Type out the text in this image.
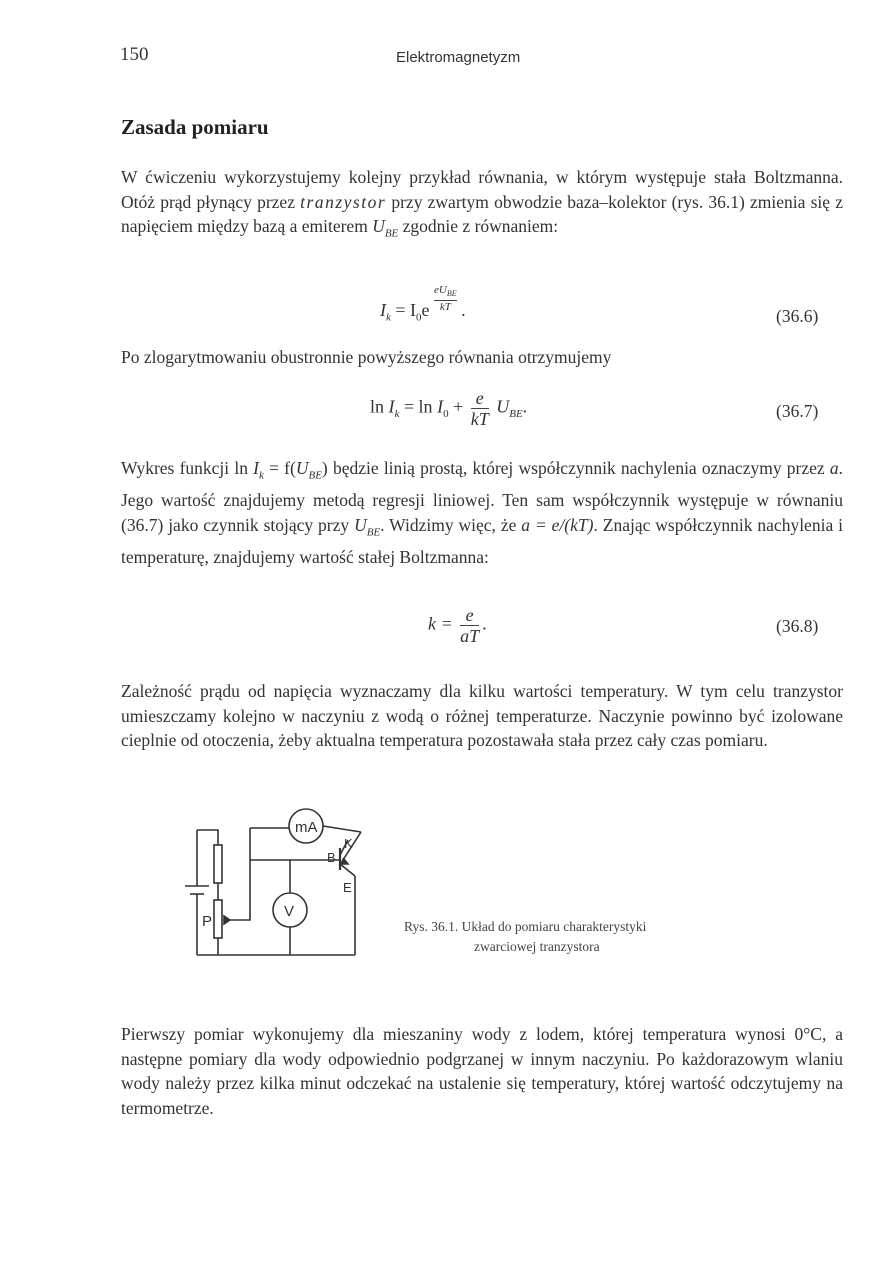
150	Elektromagnetyzm
Zasada pomiaru
W ćwiczeniu wykorzystujemy kolejny przykład równania, w którym występuje stała Boltzmanna. Otóż prąd płynący przez tranzystor przy zwartym obwodzie baza–kolektor (rys. 36.1) zmienia się z napięciem między bazą a emiterem $U_{BE}$ zgodnie z równaniem:
$I_k = I_0e$
$eU_{BE}$
kT .	(36.6)
Po zlogarytmowaniu obustronnie powyższego równania otrzymujemy
$\ln I_k = \ln I_0 + \frac{e}{kT} U_{BE}$.	(36.7)
Wykres funkcji $\ln I_k = f(U_{BE})$ będzie linią prostą, której współczynnik nachylenia oznaczymy przez a. Jego wartość znajdujemy metodą regresji liniowej. Ten sam współczynnik występuje w równaniu (36.7) jako czynnik stojący przy $U_{BE}$. Widzimy więc, że a = e/(kT). Znając współczynnik nachylenia i temperaturę, znajdujemy wartość stałej Boltzmanna:
$k = \frac{e}{aT}$ .	(36.8)
Zależność prądu od napięcia wyznaczamy dla kilku wartości temperatury. W tym celu tranzystor umieszczamy kolejno w naczyniu z wodą o różnej temperaturze. Naczynie powinno być izolowane cieplnie od otoczenia, żeby aktualna temperatura pozostawała stała przez cały czas pomiaru.
mA
V
P
K
B
E
Rys. 36.1. Układ do pomiaru charakterystyki
zwarciowej tranzystora
Pierwszy pomiar wykonujemy dla mieszaniny wody z lodem, której temperatura wynosi 0°C, a następne pomiary dla wody odpowiednio podgrzanej w innym naczyniu. Po każdorazowym wlaniu wody należy przez kilka minut odczekać na ustalenie się temperatury, której wartość odczytujemy na termometrze.
